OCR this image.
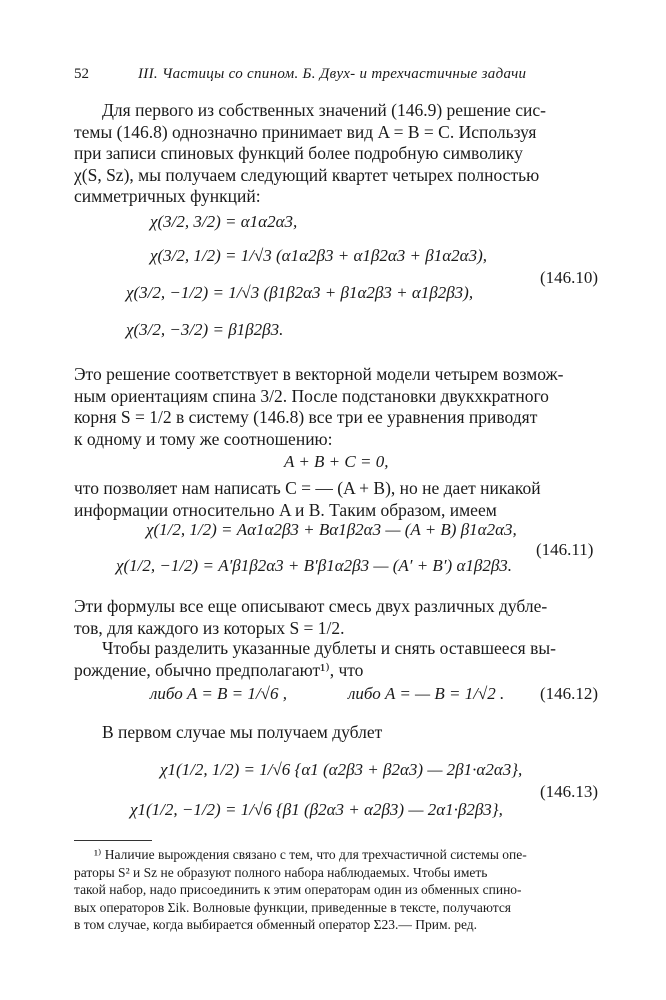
52	III. Частицы со спином. Б. Двух- и трехчастичные задачи
Для первого из собственных значений (146.9) решение сис-
темы (146.8) однозначно принимает вид A = B = C. Используя
при записи спиновых функций более подробную символику
χ(S, Sz), мы получаем следующий квартет четырех полностью
симметричных функций:
χ(3/2, 3/2) = α1α2α3,
χ(3/2, 1/2) = 1/√3 (α1α2β3 + α1β2α3 + β1α2α3),
χ(3/2, −1/2) = 1/√3 (β1β2α3 + β1α2β3 + α1β2β3),
χ(3/2, −3/2) = β1β2β3.
(146.10)
Это решение соответствует в векторной модели четырем возмож-
ным ориентациям спина 3/2. После подстановки двукхкратного
корня S = 1/2 в систему (146.8) все три ее уравнения приводят
к одному и тому же соотношению:
A + B + C = 0,
что позволяет нам написать C = — (A + B), но не дает никакой
информации относительно A и B. Таким образом, имеем
χ(1/2, 1/2) = Aα1α2β3 + Bα1β2α3 — (A + B) β1α2α3,
χ(1/2, −1/2) = A′β1β2α3 + B′β1α2β3 — (A′ + B′) α1β2β3.
(146.11)
Эти формулы все еще описывают смесь двух различных дубле-
тов, для каждого из которых S = 1/2.
Чтобы разделить указанные дублеты и снять оставшееся вы-
рождение, обычно предполагают¹⁾, что
либо A = B = 1/√6 ,	либо A = — B = 1/√2 . (146.12)
В первом случае мы получаем дублет
χ1(1/2, 1/2) = 1/√6 {α1 (α2β3 + β2α3) — 2β1·α2α3},
χ1(1/2, −1/2) = 1/√6 {β1 (β2α3 + α2β3) — 2α1·β2β3},
(146.13)
¹⁾ Наличие вырождения связано с тем, что для трехчастичной системы опе-
раторы S² и Sz не образуют полного набора наблюдаемых. Чтобы иметь
такой набор, надо присоединить к этим операторам один из обменных спино-
вых операторов Σik. Волновые функции, приведенные в тексте, получаются
в том случае, когда выбирается обменный оператор Σ23.— Прим. ред.
